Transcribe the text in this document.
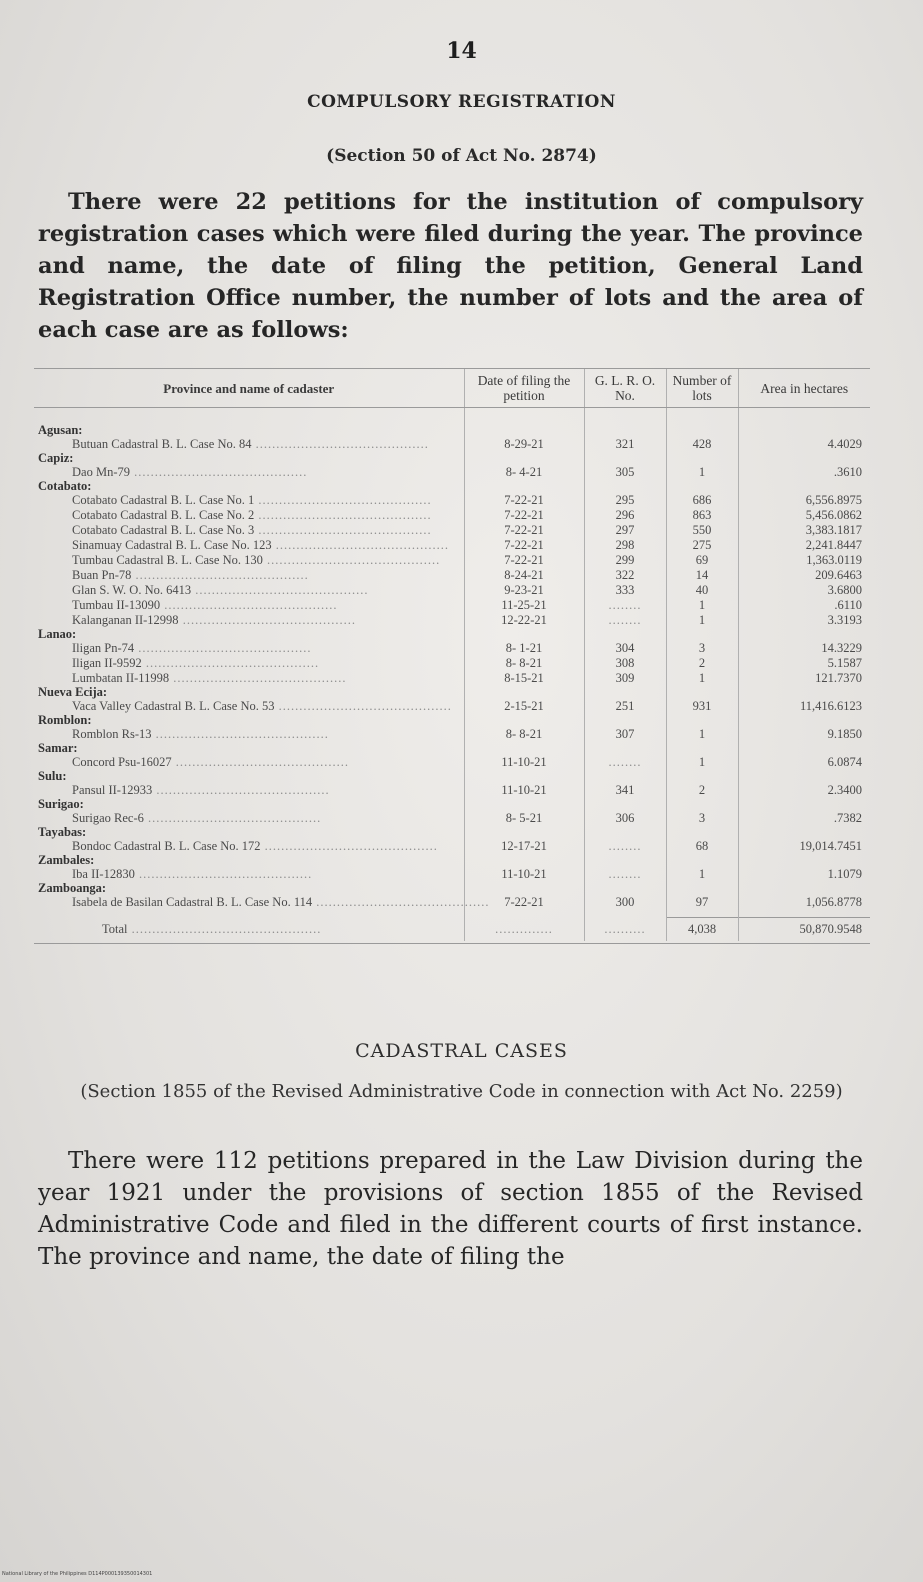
14
COMPULSORY REGISTRATION
(Section 50 of Act No. 2874)
There were 22 petitions for the institution of compulsory registration cases which were filed during the year. The province and name, the date of filing the petition, General Land Registration Office number, the number of lots and the area of each case are as follows:
Province and name of cadaster	Date of filing the petition	G. L. R. O. No.	Number of lots	Area in hectares

Agusan:				
Butuan Cadastral B. L. Case No. 84 ..........................................	8-29-21	321	428	4.4029
Capiz:				
Dao Mn-79 ..........................................	8- 4-21	305	1	.3610
Cotabato:				
Cotabato Cadastral B. L. Case No. 1 ..........................................	7-22-21	295	686	6,556.8975
Cotabato Cadastral B. L. Case No. 2 ..........................................	7-22-21	296	863	5,456.0862
Cotabato Cadastral B. L. Case No. 3 ..........................................	7-22-21	297	550	3,383.1817
Sinamuay Cadastral B. L. Case No. 123 ..........................................	7-22-21	298	275	2,241.8447
Tumbau Cadastral B. L. Case No. 130 ..........................................	7-22-21	299	69	1,363.0119
Buan Pn-78 ..........................................	8-24-21	322	14	209.6463
Glan S. W. O. No. 6413 ..........................................	9-23-21	333	40	3.6800
Tumbau II-13090 ..........................................	11-25-21	........	1	.6110
Kalanganan II-12998 ..........................................	12-22-21	........	1	3.3193
Lanao:				
Iligan Pn-74 ..........................................	8- 1-21	304	3	14.3229
Iligan II-9592 ..........................................	8- 8-21	308	2	5.1587
Lumbatan II-11998 ..........................................	8-15-21	309	1	121.7370
Nueva Ecija:				
Vaca Valley Cadastral B. L. Case No. 53 ..........................................	2-15-21	251	931	11,416.6123
Romblon:				
Romblon Rs-13 ..........................................	8- 8-21	307	1	9.1850
Samar:				
Concord Psu-16027 ..........................................	11-10-21	........	1	6.0874
Sulu:				
Pansul II-12933 ..........................................	11-10-21	341	2	2.3400
Surigao:				
Surigao Rec-6 ..........................................	8- 5-21	306	3	.7382
Tayabas:				
Bondoc Cadastral B. L. Case No. 172 ..........................................	12-17-21	........	68	19,014.7451
Zambales:				
Iba II-12830 ..........................................	11-10-21	........	1	1.1079
Zamboanga:				
Isabela de Basilan Cadastral B. L. Case No. 114 ..........................................	7-22-21	300	97	1,056.8778

Total ..............................................	..............	..........	4,038	50,870.9548

CADASTRAL CASES
(Section 1855 of the Revised Administrative Code in connection with Act No. 2259)
There were 112 petitions prepared in the Law Division during the year 1921 under the provisions of section 1855 of the Revised Administrative Code and filed in the different courts of first instance. The province and name, the date of filing the
National Library of the Philippines D114P000139350014301
